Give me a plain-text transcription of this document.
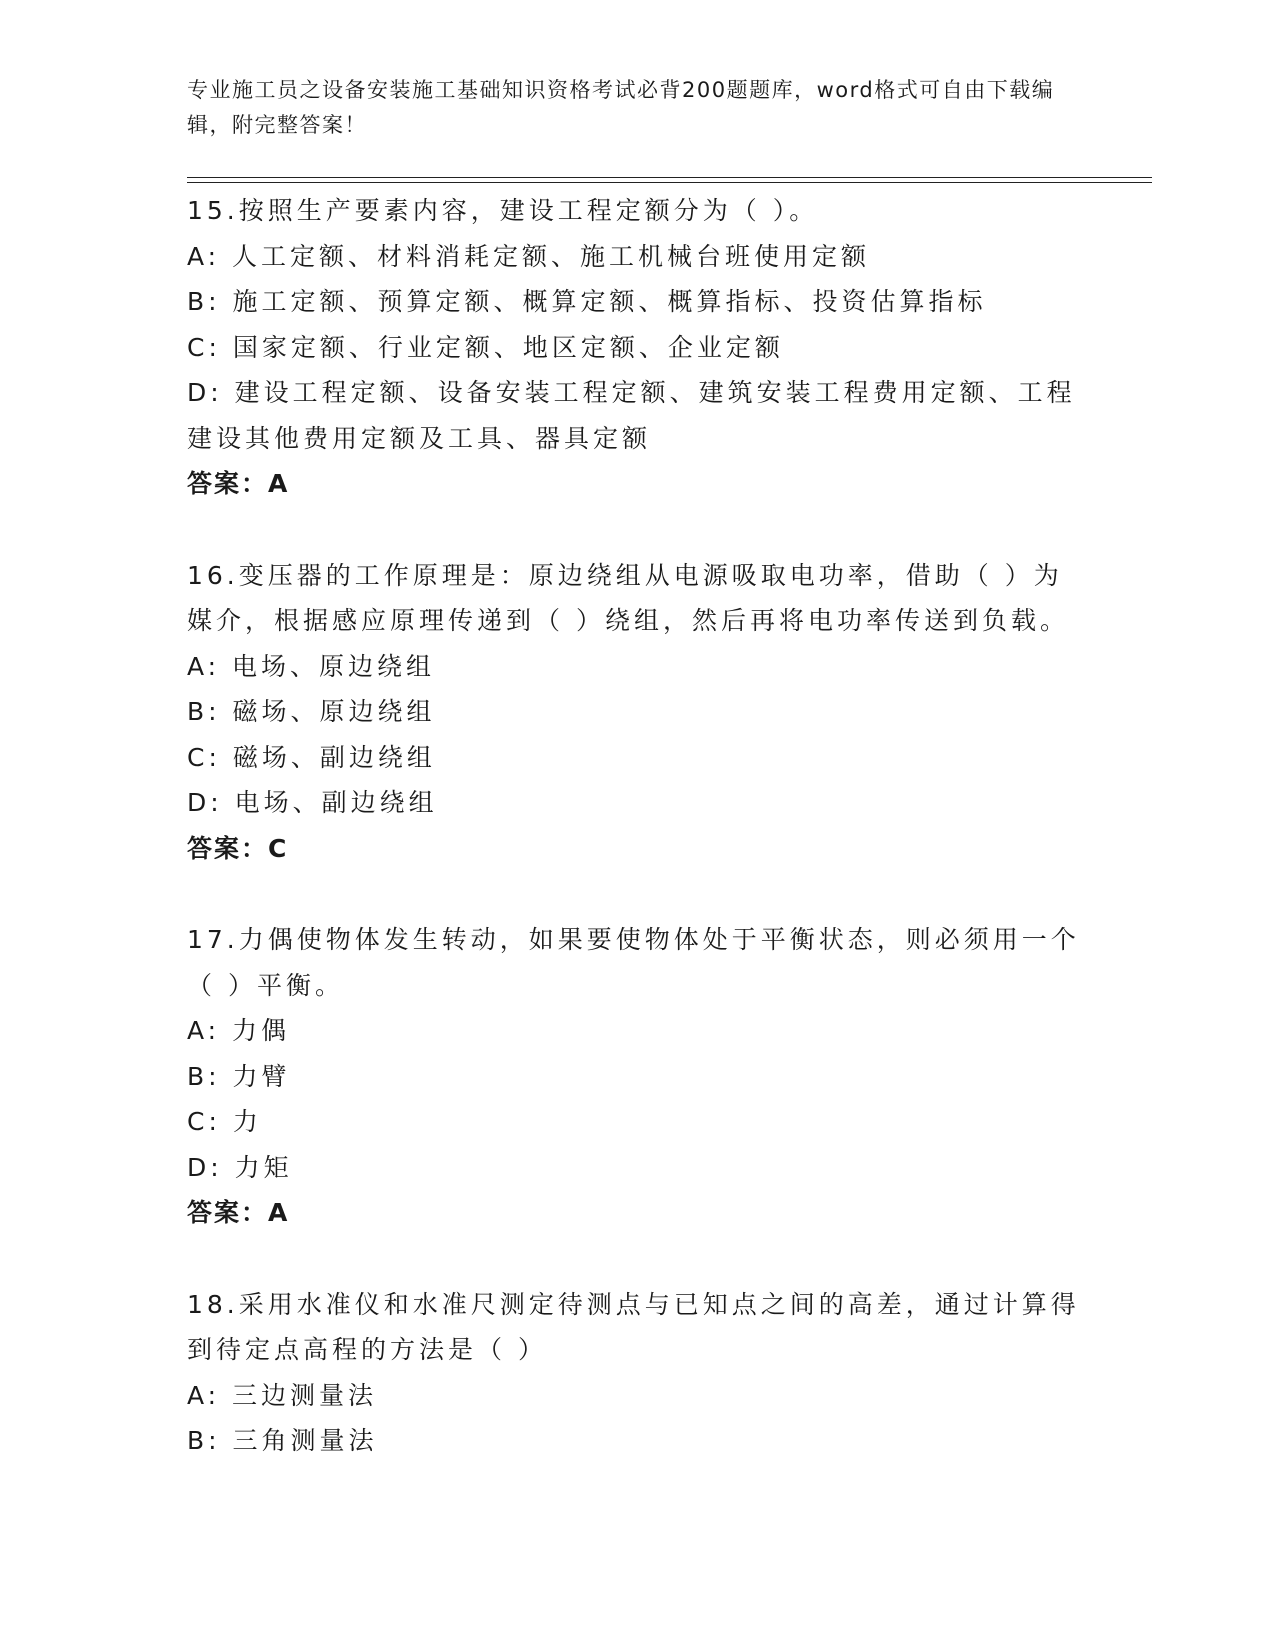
专业施工员之设备安装施工基础知识资格考试必背200题题库，word格式可自由下载编辑，附完整答案！
15.按照生产要素内容，建设工程定额分为（ ）。
A: 人工定额、材料消耗定额、施工机械台班使用定额
B: 施工定额、预算定额、概算定额、概算指标、投资估算指标
C: 国家定额、行业定额、地区定额、企业定额
D: 建设工程定额、设备安装工程定额、建筑安装工程费用定额、工程建设其他费用定额及工具、器具定额
答案：A
16.变压器的工作原理是：原边绕组从电源吸取电功率，借助（ ）为媒介，根据感应原理传递到（ ）绕组，然后再将电功率传送到负载。
A: 电场、原边绕组
B: 磁场、原边绕组
C: 磁场、副边绕组
D: 电场、副边绕组
答案：C
17.力偶使物体发生转动，如果要使物体处于平衡状态，则必须用一个（ ）平衡。
A: 力偶
B: 力臂
C: 力
D: 力矩
答案：A
18.采用水准仪和水准尺测定待测点与已知点之间的高差，通过计算得到待定点高程的方法是（ ）
A: 三边测量法
B: 三角测量法
